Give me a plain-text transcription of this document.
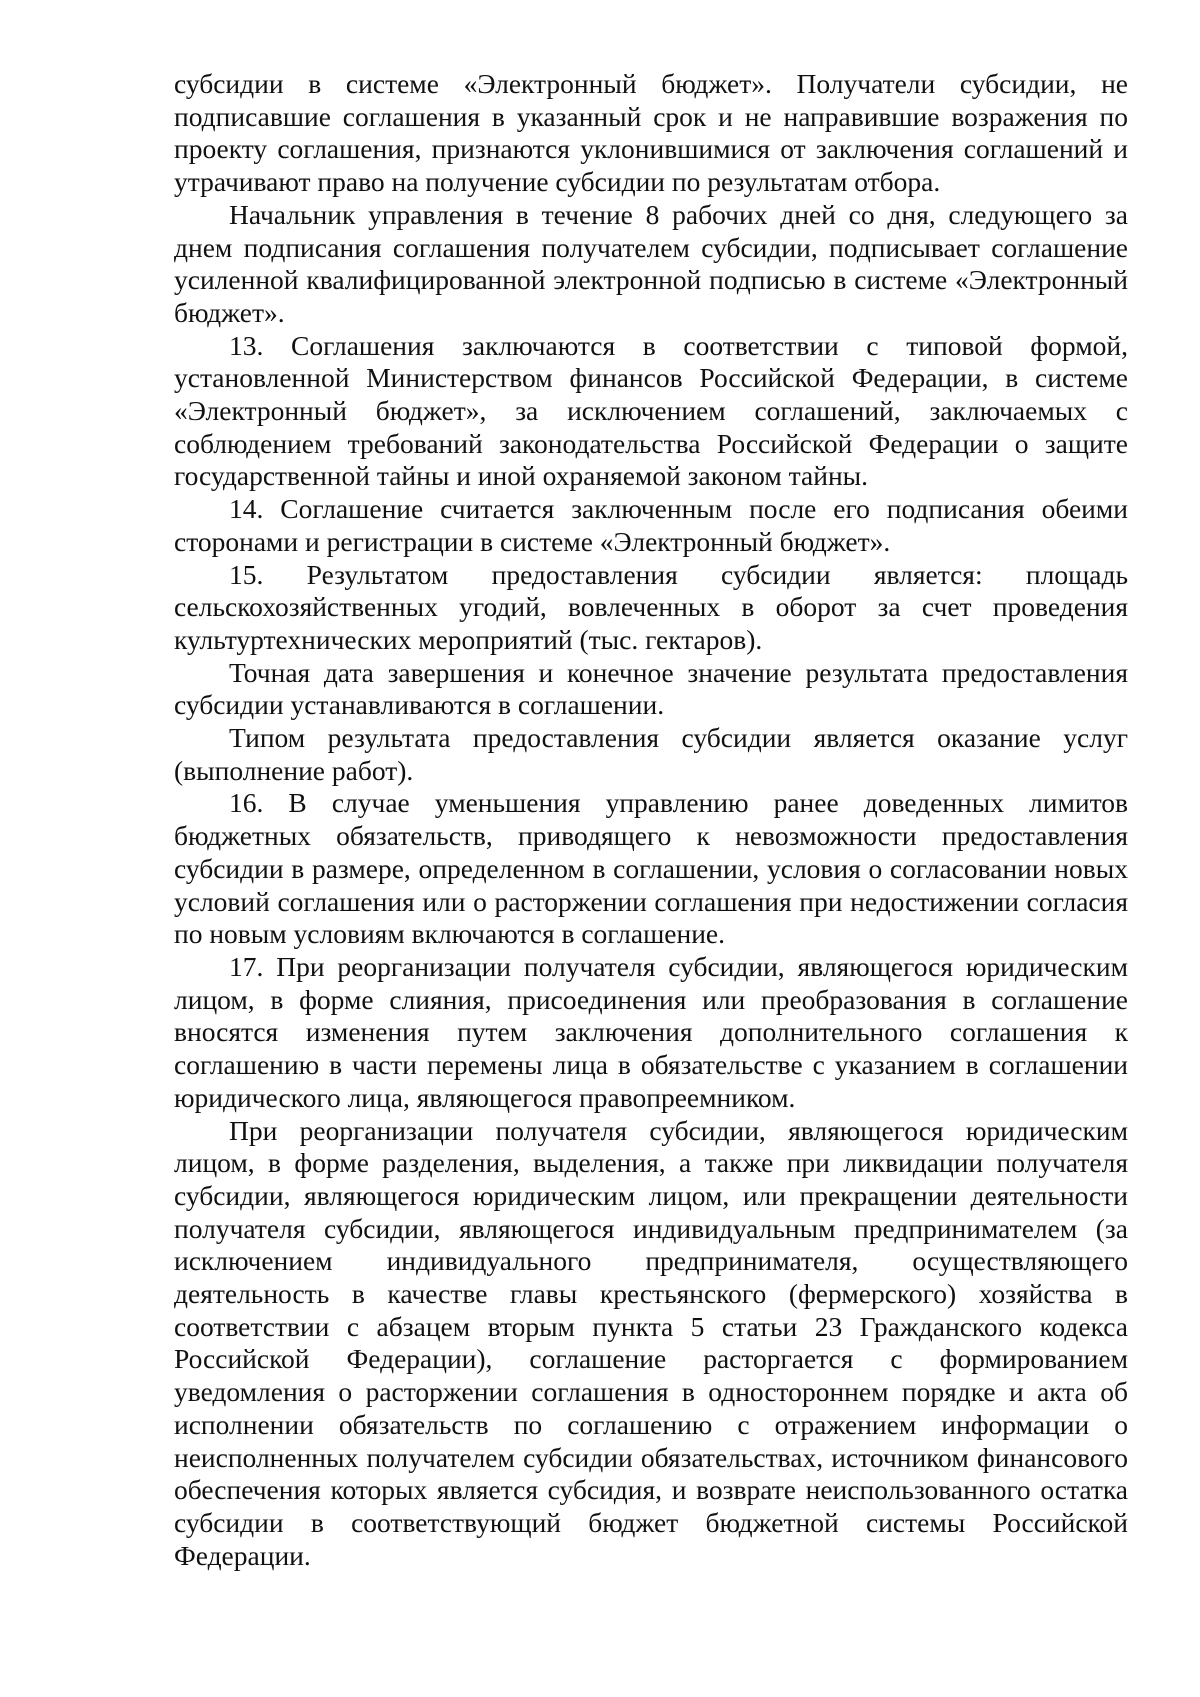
субсидии в системе «Электронный бюджет». Получатели субсидии, не подписавшие соглашения в указанный срок и не направившие возражения по проекту соглашения, признаются уклонившимися от заключения соглашений и утрачивают право на получение субсидии по результатам отбора.

Начальник управления в течение 8 рабочих дней со дня, следующего за днем подписания соглашения получателем субсидии, подписывает соглашение усиленной квалифицированной электронной подписью в системе «Электронный бюджет».

13. Соглашения заключаются в соответствии с типовой формой, установленной Министерством финансов Российской Федерации, в системе «Электронный бюджет», за исключением соглашений, заключаемых с соблюдением требований законодательства Российской Федерации о защите государственной тайны и иной охраняемой законом тайны.

14. Соглашение считается заключенным после его подписания обеими сторонами и регистрации в системе «Электронный бюджет».

15. Результатом предоставления субсидии является: площадь сельскохозяйственных угодий, вовлеченных в оборот за счет проведения культуртехнических мероприятий (тыс. гектаров).

Точная дата завершения и конечное значение результата предоставления субсидии устанавливаются в соглашении.

Типом результата предоставления субсидии является оказание услуг (выполнение работ).

16. В случае уменьшения управлению ранее доведенных лимитов бюджетных обязательств, приводящего к невозможности предоставления субсидии в размере, определенном в соглашении, условия о согласовании новых условий соглашения или о расторжении соглашения при недостижении согласия по новым условиям включаются в соглашение.

17. При реорганизации получателя субсидии, являющегося юридическим лицом, в форме слияния, присоединения или преобразования в соглашение вносятся изменения путем заключения дополнительного соглашения к соглашению в части перемены лица в обязательстве с указанием в соглашении юридического лица, являющегося правопреемником.

При реорганизации получателя субсидии, являющегося юридическим лицом, в форме разделения, выделения, а также при ликвидации получателя субсидии, являющегося юридическим лицом, или прекращении деятельности получателя субсидии, являющегося индивидуальным предпринимателем (за исключением индивидуального предпринимателя, осуществляющего деятельность в качестве главы крестьянского (фермерского) хозяйства в соответствии с абзацем вторым пункта 5 статьи 23 Гражданского кодекса Российской Федерации), соглашение расторгается с формированием уведомления о расторжении соглашения в одностороннем порядке и акта об исполнении обязательств по соглашению с отражением информации о неисполненных получателем субсидии обязательствах, источником финансового обеспечения которых является субсидия, и возврате неиспользованного остатка субсидии в соответствующий бюджет бюджетной системы Российской Федерации.
